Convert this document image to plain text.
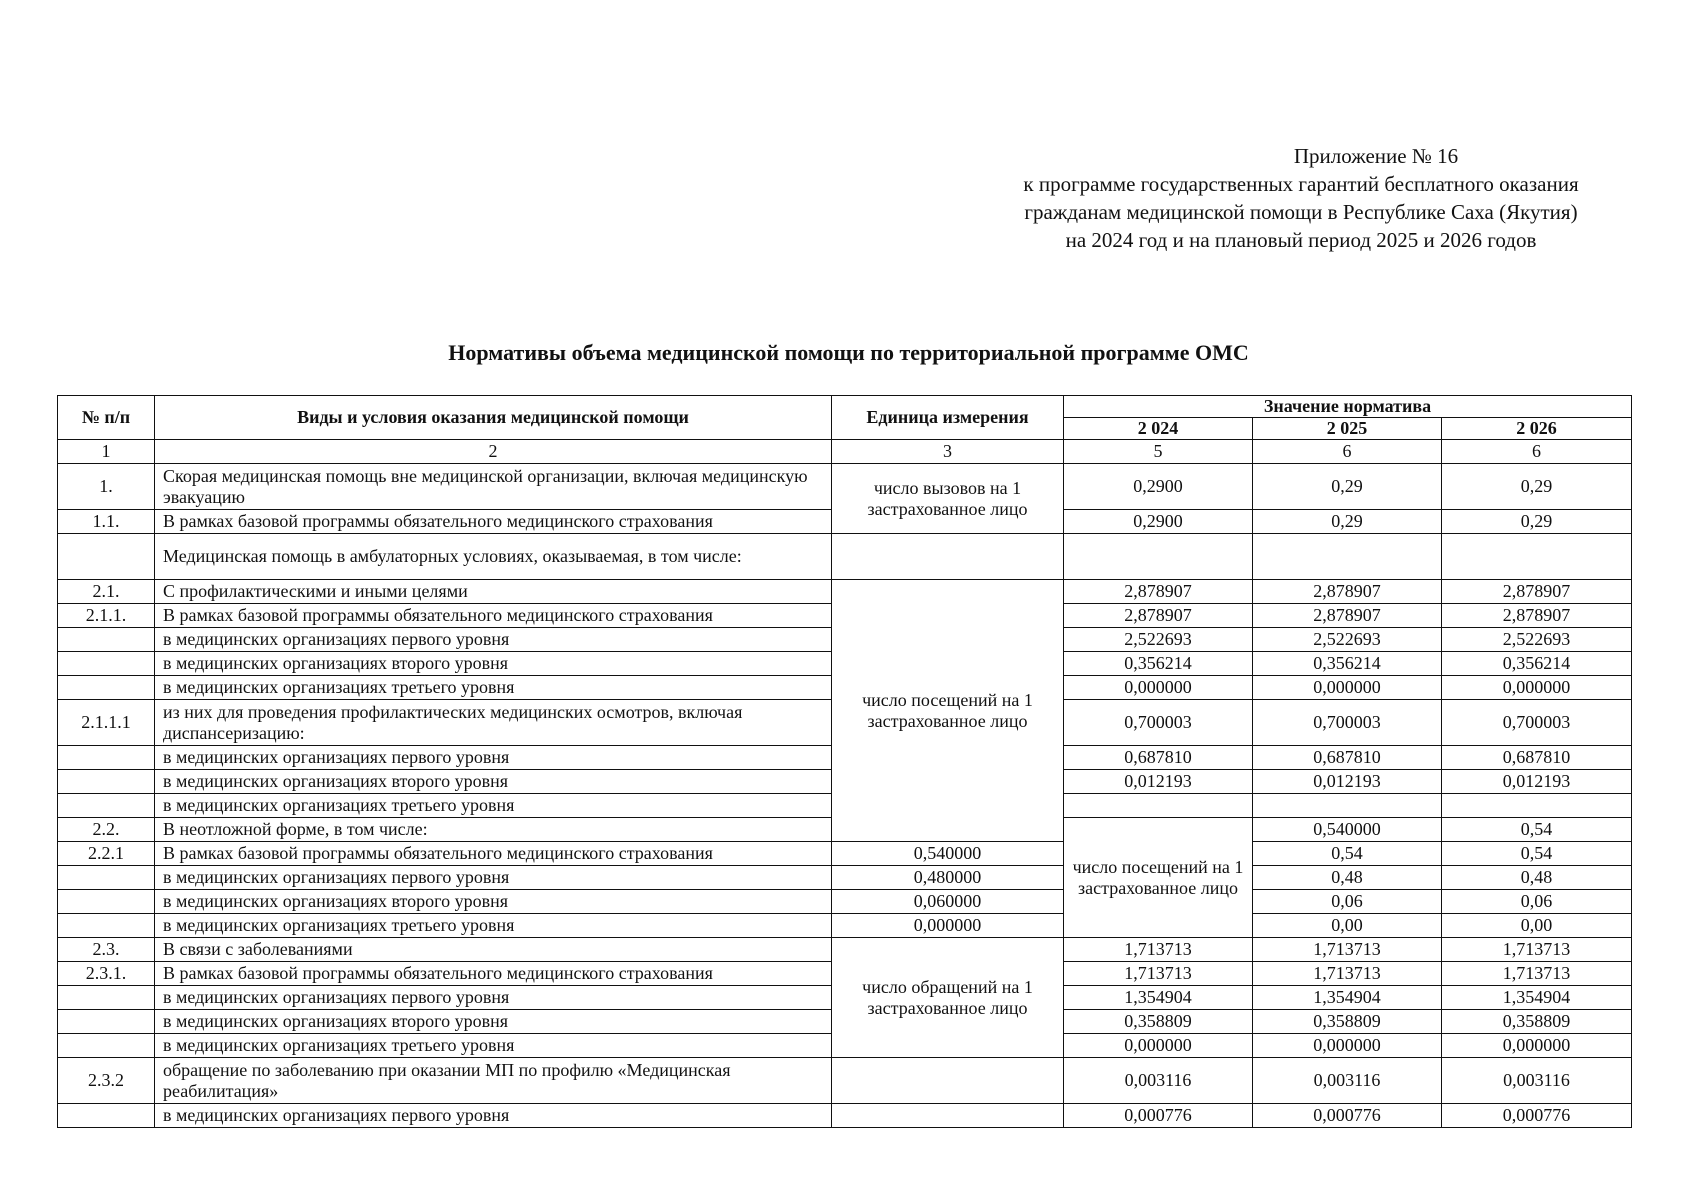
Приложение № 16
к программе государственных гарантий бесплатного оказания
гражданам медицинской помощи в Республике Саха (Якутия)
на 2024 год и на плановый период 2025 и 2026 годов
Нормативы объема медицинской помощи по территориальной программе ОМС
№ п/п	Виды и условия оказания медицинской помощи	Единица измерения	Значение норматива			
			2 024	2 025	2 026	
1	2	3	5	6	6	
1.	Скорая медицинская помощь вне медицинской организации, включая медицинскую эвакуацию	число вызовов на 1 застрахованное лицо	0,2900	0,29	0,29	
1.1.	В рамках базовой программы обязательного медицинского страхования		0,2900	0,29	0,29	
	Медицинская помощь в амбулаторных условиях, оказываемая, в том числе:					
2.1.	С профилактическими и иными целями	число посещений на 1 застрахованное лицо	2,878907	2,878907	2,878907	
2.1.1.	В рамках базовой программы обязательного медицинского страхования		2,878907	2,878907	2,878907	
	в медицинских организациях первого уровня		2,522693	2,522693	2,522693	
	в медицинских организациях второго уровня		0,356214	0,356214	0,356214	
	в медицинских организациях третьего уровня		0,000000	0,000000	0,000000	
2.1.1.1	из них для проведения профилактических медицинских осмотров, включая диспансеризацию:		0,700003	0,700003	0,700003	
	в медицинских организациях первого уровня		0,687810	0,687810	0,687810	
	в медицинских организациях второго уровня		0,012193	0,012193	0,012193	
	в медицинских организациях третьего уровня					
2.2.	В неотложной форме, в том числе:		число посещений на 1 застрахованное лицо	0,540000	0,54	
2.2.1	В рамках базовой программы обязательного медицинского страхования	0,540000		0,54	0,54	
	в медицинских организациях первого уровня	0,480000		0,48	0,48	
	в медицинских организациях второго уровня	0,060000		0,06	0,06	
	в медицинских организациях третьего уровня	0,000000		0,00	0,00	
2.3.	В связи с заболеваниями	число обращений на 1 застрахованное лицо	1,713713	1,713713	1,713713	
2.3.1.	В рамках базовой программы обязательного медицинского страхования		1,713713	1,713713	1,713713	
	в медицинских организациях первого уровня		1,354904	1,354904	1,354904	
	в медицинских организациях второго уровня		0,358809	0,358809	0,358809	
	в медицинских организациях третьего уровня		0,000000	0,000000	0,000000	
2.3.2	обращение по заболеванию при оказании МП по профилю «Медицинская реабилитация»		0,003116	0,003116	0,003116	
	в медицинских организациях первого уровня		0,000776	0,000776	0,000776	
